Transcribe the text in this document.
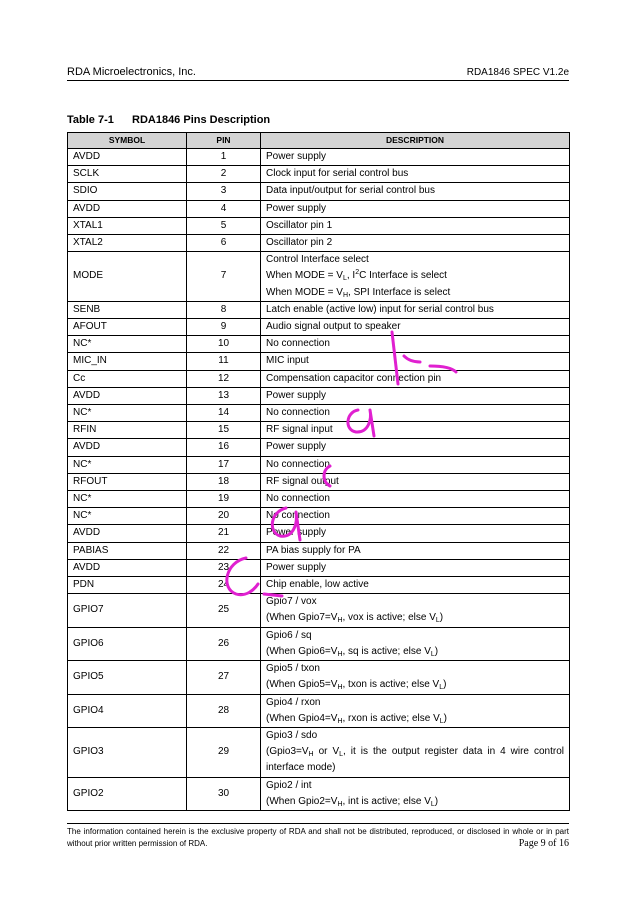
RDA Microelectronics, Inc.	RDA1846 SPEC V1.2e
Table 7-1 RDA1846 Pins Description
SYMBOL	PIN	DESCRIPTION
AVDD	1	Power supply

SCLK	2	Clock input for serial control bus

SDIO	3	Data input/output for serial control bus

AVDD	4	Power supply

XTAL1	5	Oscillator pin 1

XTAL2	6	Oscillator pin 2

MODE	7	Control Interface select
When MODE = $V_L$, $I^2C$ Interface is select
When MODE = $V_H$, SPI Interface is select

SENB	8	Latch enable (active low) input for serial control bus

AFOUT	9	Audio signal output to speaker

NC*	10	No connection

MIC_IN	11	MIC input

Cc	12	Compensation capacitor connection pin

AVDD	13	Power supply

NC*	14	No connection

RFIN	15	RF signal input

AVDD	16	Power supply

NC*	17	No connection

RFOUT	18	RF signal output

NC*	19	No connection

NC*	20	No connection

AVDD	21	Power supply

PABIAS	22	PA bias supply for PA

AVDD	23	Power supply

PDN	24	Chip enable, low active

GPIO7	25	Gpio7 / vox
(When $Gpio7=V_H$, vox is active; else $V_L$)

GPIO6	26	Gpio6 / sq
(When $Gpio6=V_H$, sq is active; else $V_L$)

GPIO5	27	Gpio5 / txon
(When $Gpio5=V_H$, txon is active; else $V_L$)

GPIO4	28	Gpio4 / rxon
(When $Gpio4=V_H$, rxon is active; else $V_L$)

GPIO3	29	Gpio3 / sdo
($Gpio3=V_H$ or $V_L$, it is the output register data in 4 wire control interface mode)

GPIO2	30	Gpio2 / int
(When $Gpio2=V_H$, int is active; else $V_L$)
The information contained herein is the exclusive property of RDA and shall not be distributed, reproduced, or disclosed in whole or in part without prior written permission of RDA.	Page 9 of 16
